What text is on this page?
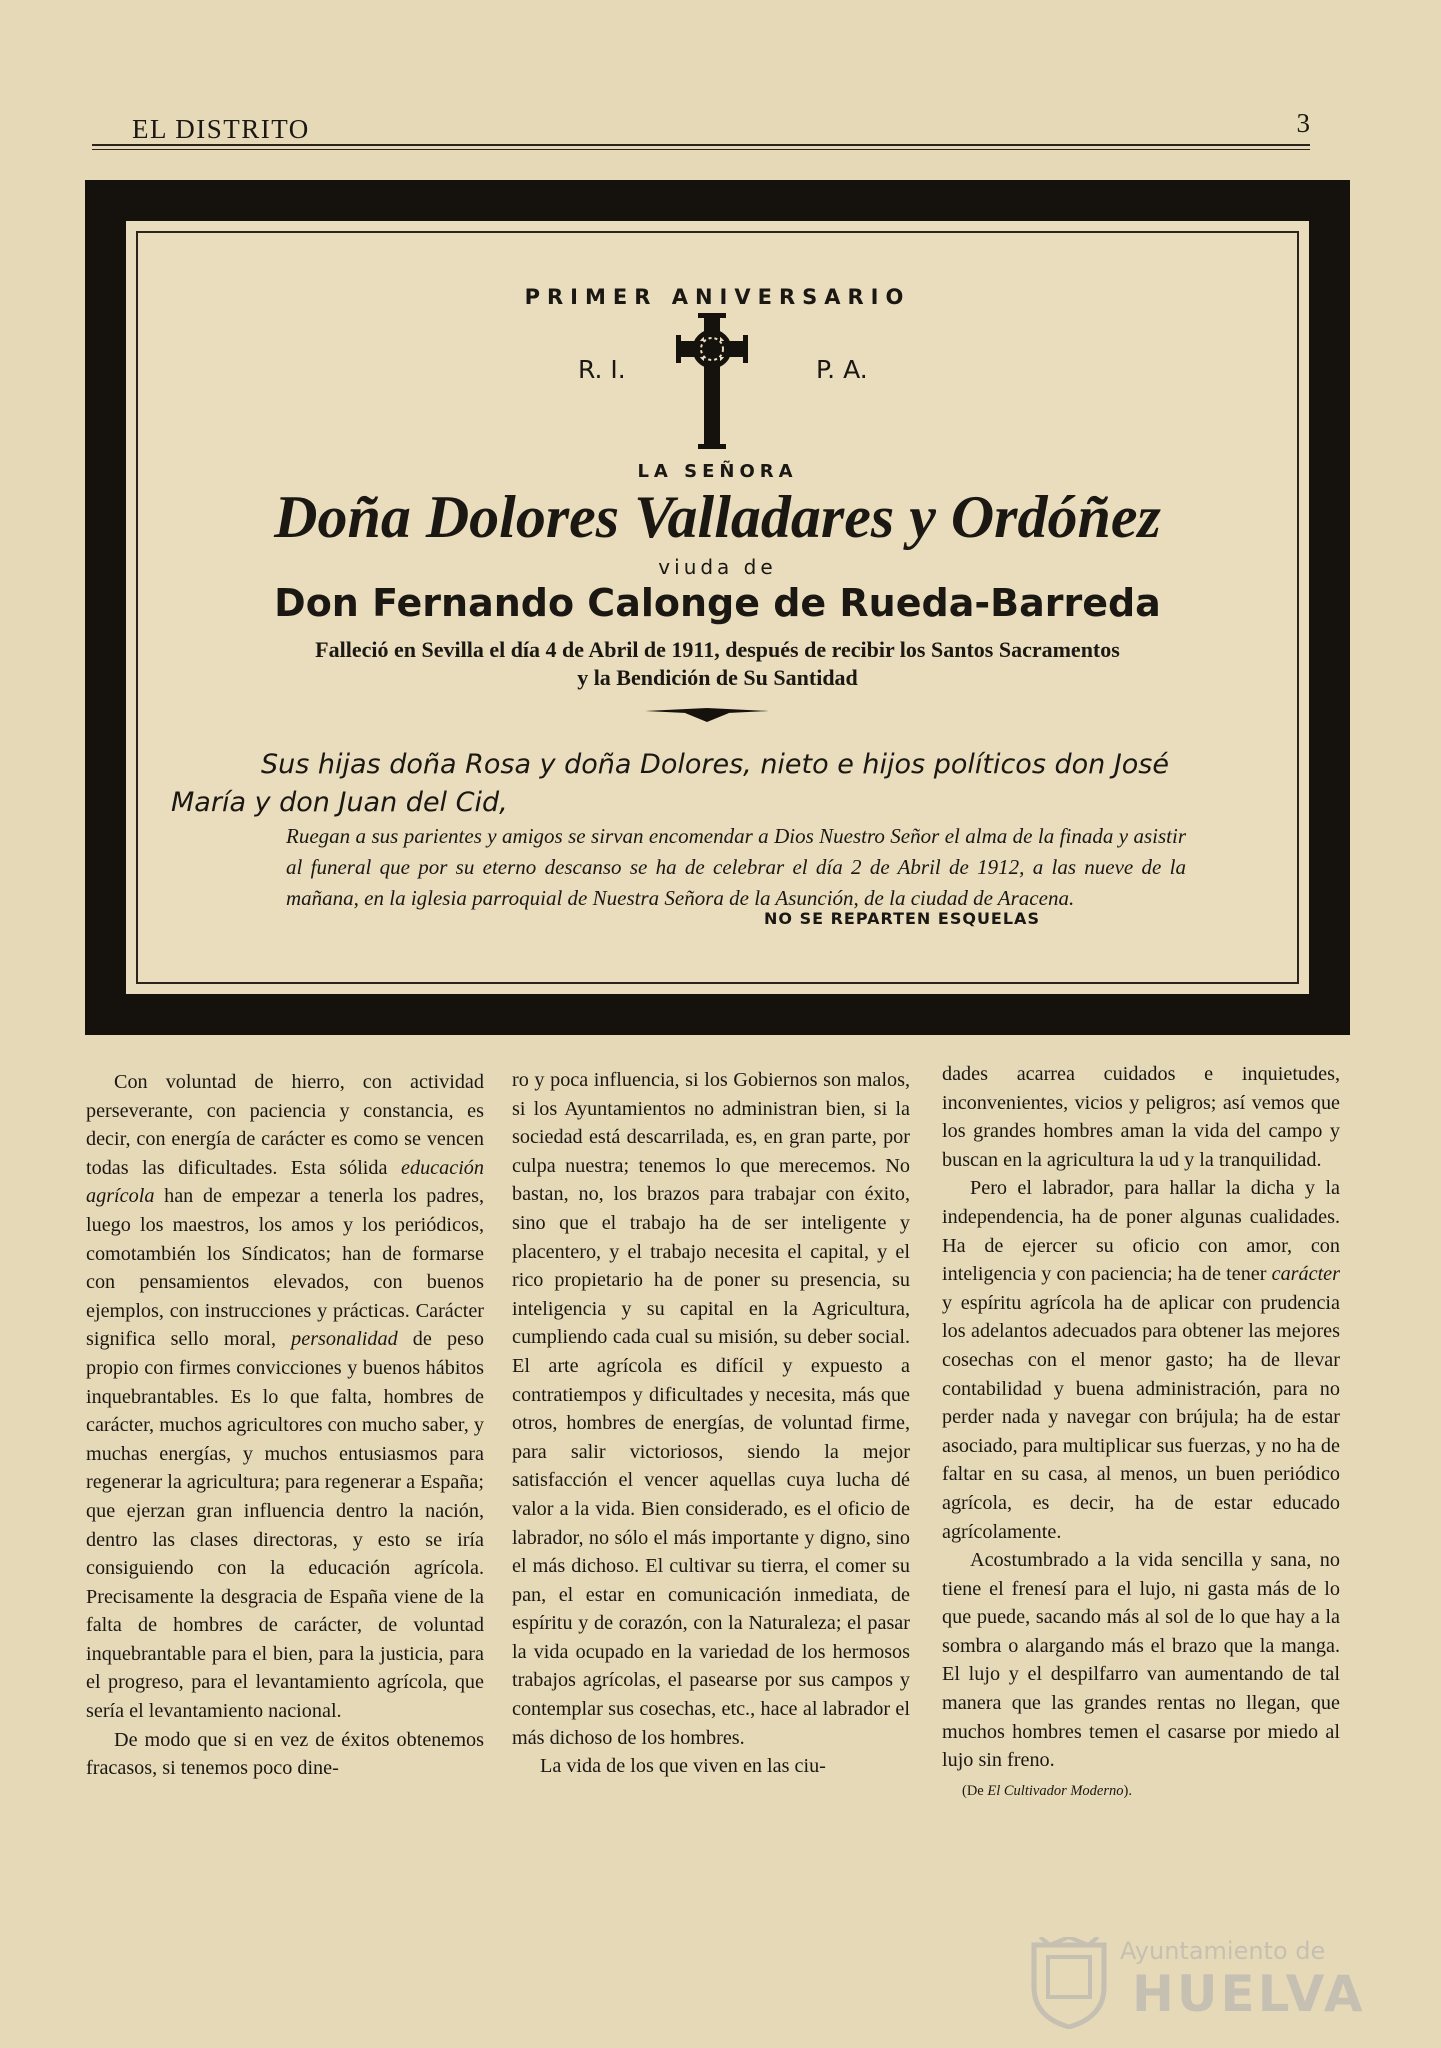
EL DISTRITO	3
PRIMER ANIVERSARIO
R. I.	P. A.
LA SEÑORA
Doña Dolores Valladares y Ordóñez
viuda de
Don Fernando Calonge de Rueda-Barreda
Falleció en Sevilla el día 4 de Abril de 1911, después de recibir los Santos Sacramentos
y la Bendición de Su Santidad
Sus hijas doña Rosa y doña Dolores, nieto e hijos políticos don José María y don Juan del Cid,
Ruegan a sus parientes y amigos se sirvan encomendar a Dios Nuestro Señor el alma de la finada y asistir al funeral que por su eterno descanso se ha de celebrar el día 2 de Abril de 1912, a las nueve de la mañana, en la iglesia parroquial de Nuestra Señora de la Asunción, de la ciudad de Aracena.
NO SE REPARTEN ESQUELAS

Con voluntad de hierro, con actividad perseverante, con paciencia y constancia, es decir, con energía de carácter es como se vencen todas las dificultades. Esta sólida educación agrícola han de empezar a tenerla los padres, luego los maestros, los amos y los periódicos, comotambién los Síndicatos; han de formarse con pensamientos elevados, con buenos ejemplos, con instrucciones y prácticas. Carácter significa sello moral, personalidad de peso propio con firmes convicciones y buenos hábitos inquebrantables. Es lo que falta, hombres de carácter, muchos agricultores con mucho saber, y muchas energías, y muchos entusiasmos para regenerar la agricultura; para regenerar a España; que ejerzan gran influencia dentro la nación, dentro las clases directoras, y esto se iría consiguiendo con la educación agrícola. Precisamente la desgracia de España viene de la falta de hombres de carácter, de voluntad inquebrantable para el bien, para la justicia, para el progreso, para el levantamiento agrícola, que sería el levantamiento nacional.

De modo que si en vez de éxitos obtenemos fracasos, si tenemos poco dine-

ro y poca influencia, si los Gobiernos son malos, si los Ayuntamientos no administran bien, si la sociedad está descarrilada, es, en gran parte, por culpa nuestra; tenemos lo que merecemos. No bastan, no, los brazos para trabajar con éxito, sino que el trabajo ha de ser inteligente y placentero, y el trabajo necesita el capital, y el rico propietario ha de poner su presencia, su inteligencia y su capital en la Agricultura, cumpliendo cada cual su misión, su deber social. El arte agrícola es difícil y expuesto a contratiempos y dificultades y necesita, más que otros, hombres de energías, de voluntad firme, para salir victoriosos, siendo la mejor satisfacción el vencer aquellas cuya lucha dé valor a la vida. Bien considerado, es el oficio de labrador, no sólo el más importante y digno, sino el más dichoso. El cultivar su tierra, el comer su pan, el estar en comunicación inmediata, de espíritu y de corazón, con la Naturaleza; el pasar la vida ocupado en la variedad de los hermosos trabajos agrícolas, el pasearse por sus campos y contemplar sus cosechas, etc., hace al labrador el más dichoso de los hombres.

La vida de los que viven en las ciu-

dades acarrea cuidados e inquietudes, inconvenientes, vicios y peligros; así vemos que los grandes hombres aman la vida del campo y buscan en la agricultura la ud y la tranquilidad.

Pero el labrador, para hallar la dicha y la independencia, ha de poner algunas cualidades. Ha de ejercer su oficio con amor, con inteligencia y con paciencia; ha de tener carácter y espíritu agrícola ha de aplicar con prudencia los adelantos adecuados para obtener las mejores cosechas con el menor gasto; ha de llevar contabilidad y buena administración, para no perder nada y navegar con brújula; ha de estar asociado, para multiplicar sus fuerzas, y no ha de faltar en su casa, al menos, un buen periódico agrícola, es decir, ha de estar educado agrícolamente.

Acostumbrado a la vida sencilla y sana, no tiene el frenesí para el lujo, ni gasta más de lo que puede, sacando más al sol de lo que hay a la sombra o alargando más el brazo que la manga. El lujo y el despilfarro van aumentando de tal manera que las grandes rentas no llegan, que muchos hombres temen el casarse por miedo al lujo sin freno.

(De El Cultivador Moderno).

Ayuntamiento de
HUELVA
